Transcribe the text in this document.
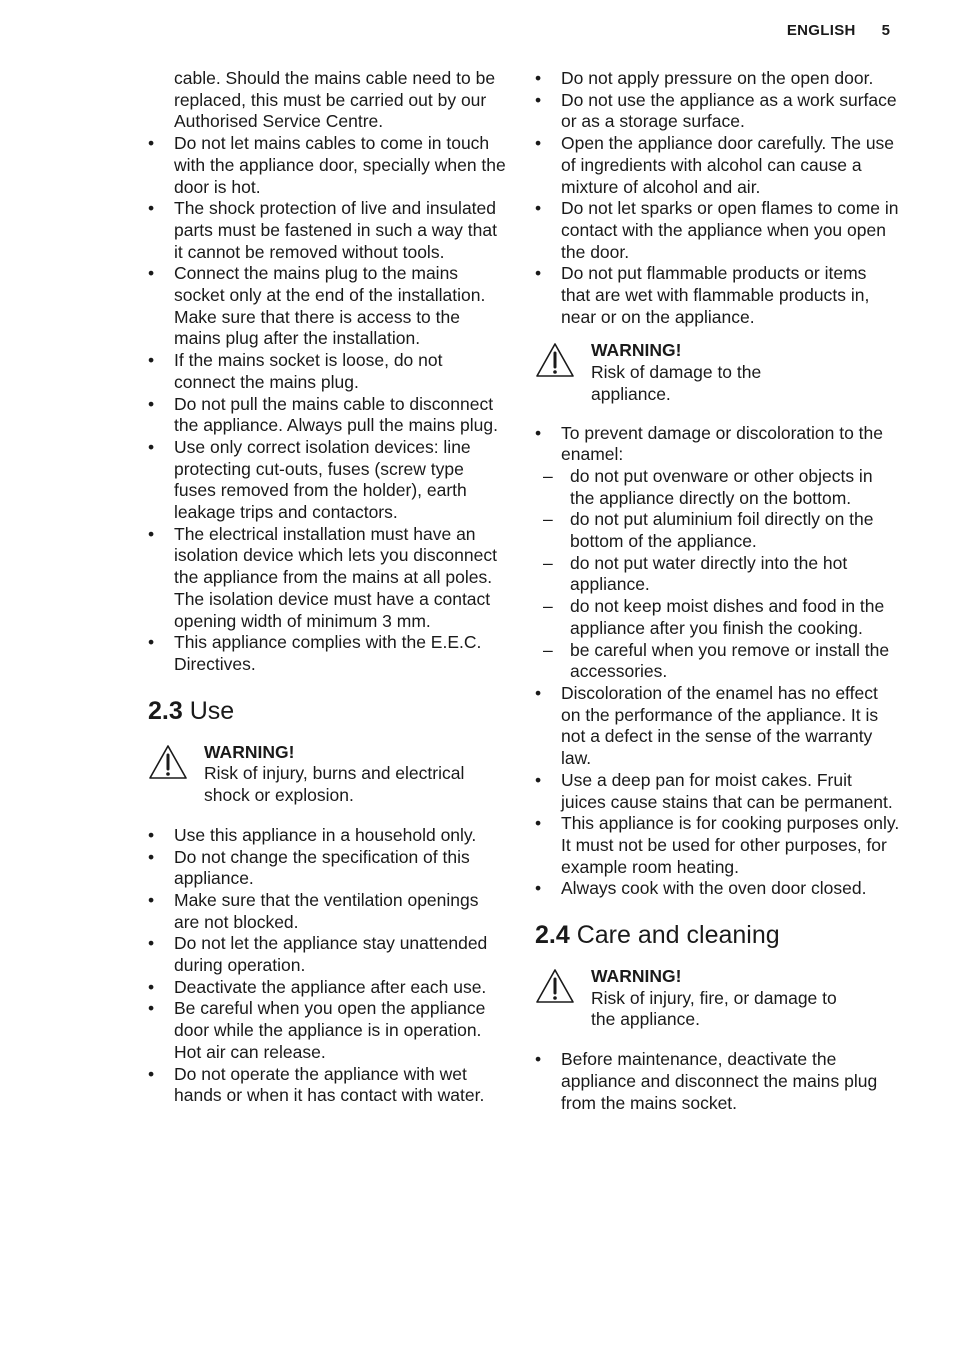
ENGLISH 5
cable. Should the mains cable need to be replaced, this must be carried out by our Authorised Service Centre.
• Do not let mains cables to come in touch with the appliance door, specially when the door is hot.
• The shock protection of live and insulated parts must be fastened in such a way that it cannot be removed without tools.
• Connect the mains plug to the mains socket only at the end of the installation. Make sure that there is access to the mains plug after the installation.
• If the mains socket is loose, do not connect the mains plug.
• Do not pull the mains cable to disconnect the appliance. Always pull the mains plug.
• Use only correct isolation devices: line protecting cut-outs, fuses (screw type fuses removed from the holder), earth leakage trips and contactors.
• The electrical installation must have an isolation device which lets you disconnect the appliance from the mains at all poles. The isolation device must have a contact opening width of minimum 3 mm.
• This appliance complies with the E.E.C. Directives.
2.3 Use
WARNING!
Risk of injury, burns and electrical shock or explosion.
• Use this appliance in a household only.
• Do not change the specification of this appliance.
• Make sure that the ventilation openings are not blocked.
• Do not let the appliance stay unattended during operation.
• Deactivate the appliance after each use.
• Be careful when you open the appliance door while the appliance is in operation. Hot air can release.
• Do not operate the appliance with wet hands or when it has contact with water.
• Do not apply pressure on the open door.
• Do not use the appliance as a work surface or as a storage surface.
• Open the appliance door carefully. The use of ingredients with alcohol can cause a mixture of alcohol and air.
• Do not let sparks or open flames to come in contact with the appliance when you open the door.
• Do not put flammable products or items that are wet with flammable products in, near or on the appliance.
WARNING!
Risk of damage to the appliance.
• To prevent damage or discoloration to the enamel:
– do not put ovenware or other objects in the appliance directly on the bottom.
– do not put aluminium foil directly on the bottom of the appliance.
– do not put water directly into the hot appliance.
– do not keep moist dishes and food in the appliance after you finish the cooking.
– be careful when you remove or install the accessories.
• Discoloration of the enamel has no effect on the performance of the appliance. It is not a defect in the sense of the warranty law.
• Use a deep pan for moist cakes. Fruit juices cause stains that can be permanent.
• This appliance is for cooking purposes only. It must not be used for other purposes, for example room heating.
• Always cook with the oven door closed.
2.4 Care and cleaning
WARNING!
Risk of injury, fire, or damage to the appliance.
• Before maintenance, deactivate the appliance and disconnect the mains plug from the mains socket.
